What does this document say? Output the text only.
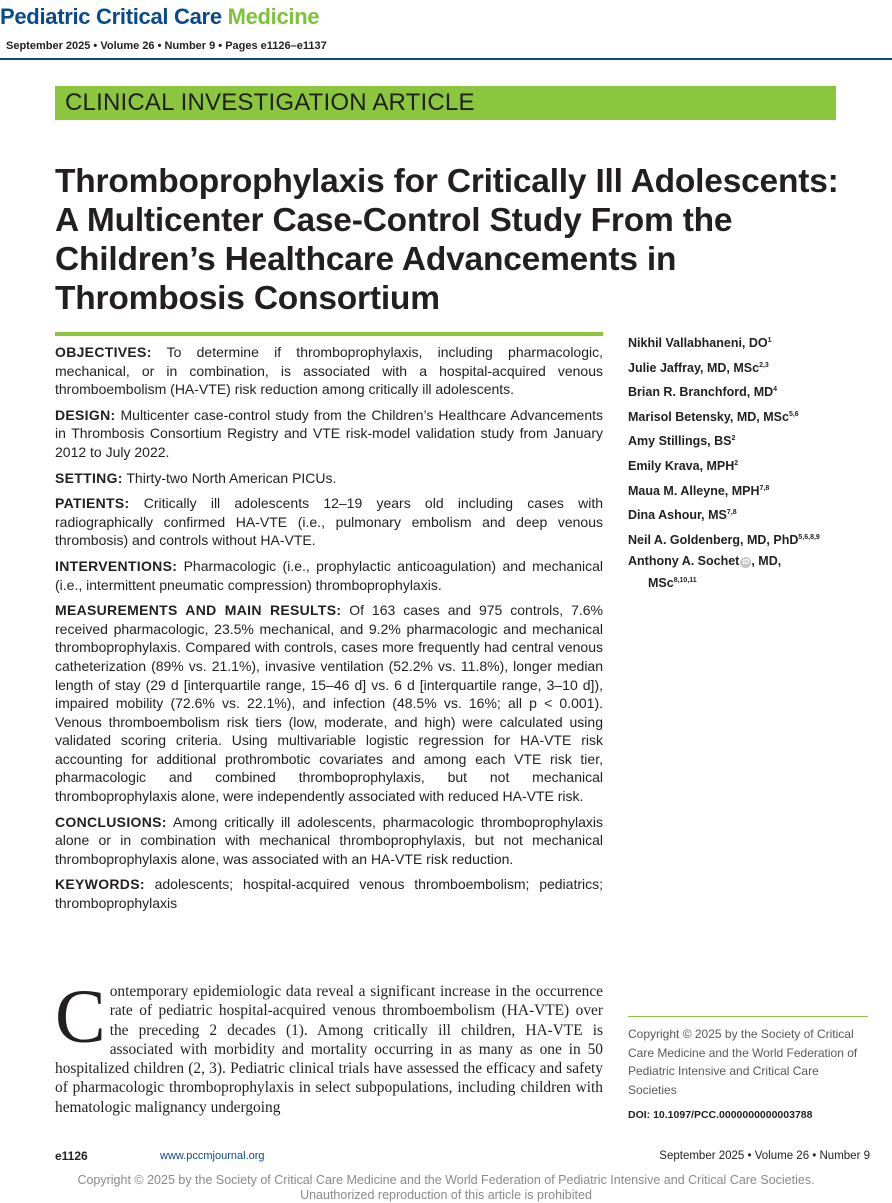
Pediatric Critical Care Medicine
September 2025 • Volume 26 • Number 9 • Pages e1126–e1137
CLINICAL INVESTIGATION ARTICLE
Thromboprophylaxis for Critically Ill Adolescents: A Multicenter Case-Control Study From the Children’s Healthcare Advancements in Thrombosis Consortium

OBJECTIVES: To determine if thromboprophylaxis, including pharmacologic, mechanical, or in combination, is associated with a hospital-acquired venous thromboembolism (HA-VTE) risk reduction among critically ill adolescents.

DESIGN: Multicenter case-control study from the Children’s Healthcare Advancements in Thrombosis Consortium Registry and VTE risk-model validation study from January 2012 to July 2022.

SETTING: Thirty-two North American PICUs.

PATIENTS: Critically ill adolescents 12–19 years old including cases with radiographically confirmed HA-VTE (i.e., pulmonary embolism and deep venous thrombosis) and controls without HA-VTE.

INTERVENTIONS: Pharmacologic (i.e., prophylactic anticoagulation) and mechanical (i.e., intermittent pneumatic compression) thromboprophylaxis.

MEASUREMENTS AND MAIN RESULTS: Of 163 cases and 975 controls, 7.6% received pharmacologic, 23.5% mechanical, and 9.2% pharmacologic and mechanical thromboprophylaxis. Compared with controls, cases more frequently had central venous catheterization (89% vs. 21.1%), invasive ventilation (52.2% vs. 11.8%), longer median length of stay (29 d [interquartile range, 15–46 d] vs. 6 d [interquartile range, 3–10 d]), impaired mobility (72.6% vs. 22.1%), and infection (48.5% vs. 16%; all p < 0.001). Venous thromboembolism risk tiers (low, moderate, and high) were calculated using validated scoring criteria. Using multivariable logistic regression for HA-VTE risk accounting for additional prothrombotic covariates and among each VTE risk tier, pharmacologic and combined thromboprophylaxis, but not mechanical thromboprophylaxis alone, were independently associated with reduced HA-VTE risk.

CONCLUSIONS: Among critically ill adolescents, pharmacologic thromboprophylaxis alone or in combination with mechanical thromboprophylaxis, but not mechanical thromboprophylaxis alone, was associated with an HA-VTE risk reduction.

KEYWORDS: adolescents; hospital-acquired venous thromboembolism; pediatrics; thromboprophylaxis

Nikhil Vallabhaneni, $DO^1$
Julie Jaffray, MD, MSc$^{2,3}$
Brian R. Branchford, $MD^4$
Marisol Betensky, MD, MSc$^{5,6}$
Amy Stillings, $BS^2$
Emily Krava, MPH$^2$
Maua M. Alleyne, MPH$^{7,8}$
Dina Ashour, MS$^{7,8}$
Neil A. Goldenberg, MD, PhD$^{5,6,8,9}$
Anthony A. Sochet iD , MD,
MSc$^{8,10,11}$

Contemporary epidemiologic data reveal a significant increase in the occurrence rate of pediatric hospital-acquired venous thromboembolism (HA-VTE) over the preceding 2 decades (1). Among critically ill children, HA-VTE is associated with morbidity and mortality occurring in as many as one in 50 hospitalized children (2, 3). Pediatric clinical trials have assessed the efficacy and safety of pharmacologic thromboprophylaxis in select subpopulations, including children with hematologic malignancy undergoing

Copyright © 2025 by the Society of Critical Care Medicine and the World Federation of Pediatric Intensive and Critical Care Societies
DOI: 10.1097/PCC.0000000000003788
e1126	www.pccmjournal.org	September 2025 • Volume 26 • Number 9
Copyright © 2025 by the Society of Critical Care Medicine and the World Federation of Pediatric Intensive and Critical Care Societies.
Unauthorized reproduction of this article is prohibited
